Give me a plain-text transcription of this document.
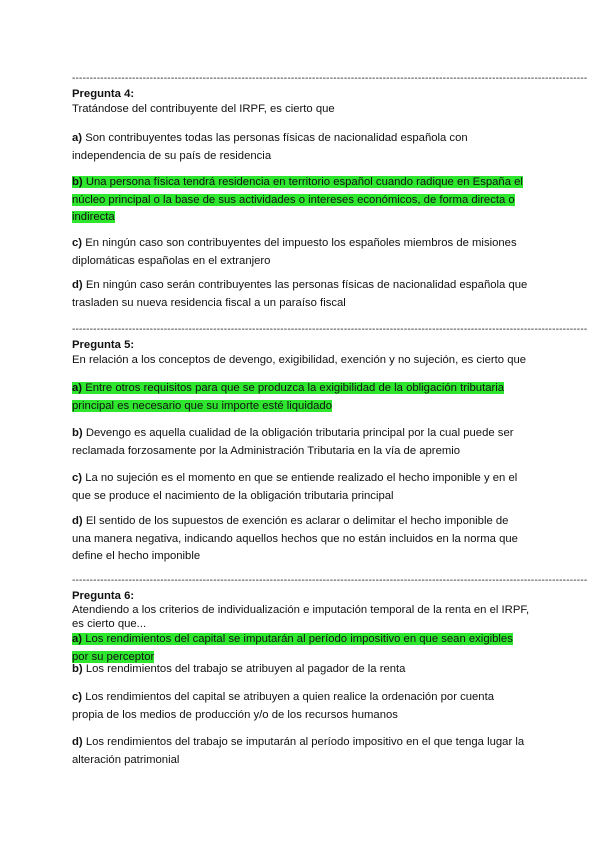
--------------------------------------------------------------------------------------------------------------------------------------------------
Pregunta 4:
Tratándose del contribuyente del IRPF, es cierto que
a) Son contribuyentes todas las personas físicas de nacionalidad española con independencia de su país de residencia
b) Una persona física tendrá residencia en territorio español cuando radique en España el núcleo principal o la base de sus actividades o intereses económicos, de forma directa o indirecta
c) En ningún caso son contribuyentes del impuesto los españoles miembros de misiones diplomáticas españolas en el extranjero
d) En ningún caso serán contribuyentes las personas físicas de nacionalidad española que trasladen su nueva residencia fiscal a un paraíso fiscal
--------------------------------------------------------------------------------------------------------------------------------------------------
Pregunta 5:
En relación a los conceptos de devengo, exigibilidad, exención y no sujeción, es cierto que
a) Entre otros requisitos para que se produzca la exigibilidad de la obligación tributaria principal es necesario que su importe esté liquidado
b) Devengo es aquella cualidad de la obligación tributaria principal por la cual puede ser reclamada forzosamente por la Administración Tributaria en la vía de apremio
c) La no sujeción es el momento en que se entiende realizado el hecho imponible y en el que se produce el nacimiento de la obligación tributaria principal
d) El sentido de los supuestos de exención es aclarar o delimitar el hecho imponible de una manera negativa, indicando aquellos hechos que no están incluidos en la norma que define el hecho imponible
--------------------------------------------------------------------------------------------------------------------------------------------------
Pregunta 6:
Atendiendo a los criterios de individualización e imputación temporal de la renta en el IRPF, es cierto que...
a) Los rendimientos del capital se imputarán al período impositivo en que sean exigibles por su perceptor
b) Los rendimientos del trabajo se atribuyen al pagador de la renta
c) Los rendimientos del capital se atribuyen a quien realice la ordenación por cuenta propia de los medios de producción y/o de los recursos humanos
d) Los rendimientos del trabajo se imputarán al período impositivo en el que tenga lugar la alteración patrimonial
